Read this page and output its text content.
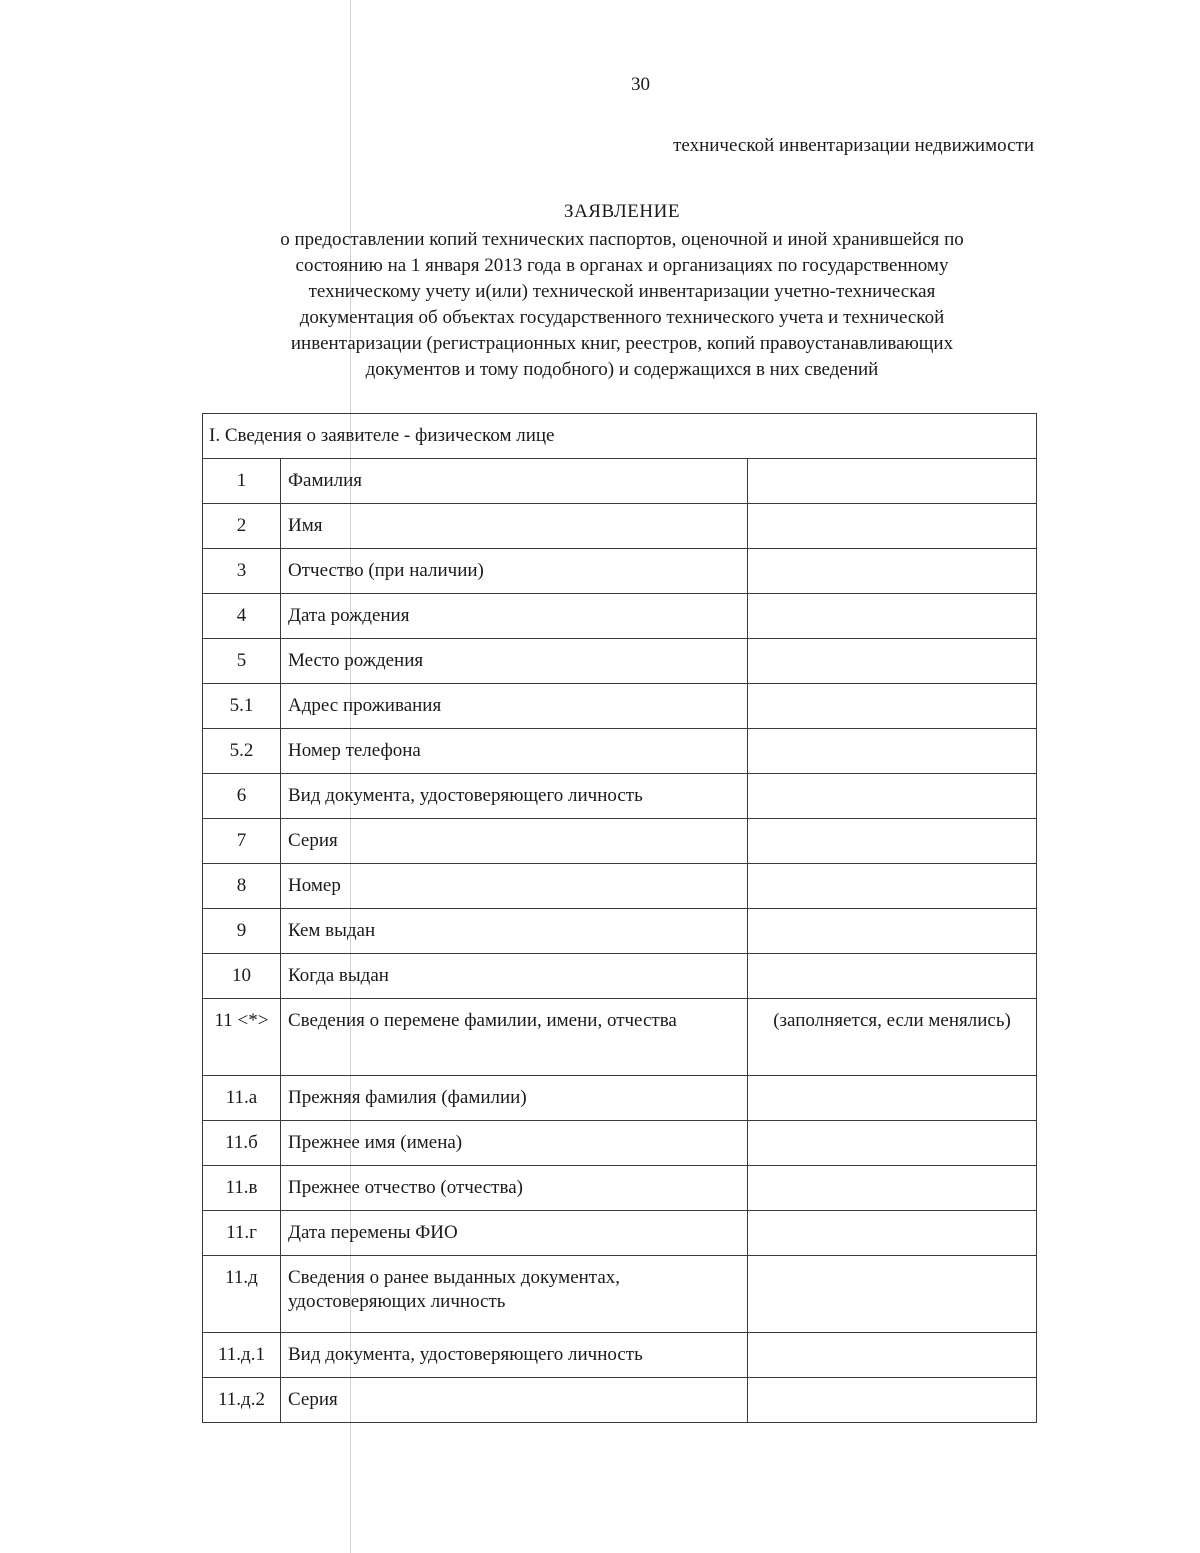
30
технической инвентаризации недвижимости
ЗАЯВЛЕНИЕ
о предоставлении копий технических паспортов, оценочной и иной хранившейся по
состоянию на 1 января 2013 года в органах и организациях по государственному
техническому учету и(или) технической инвентаризации учетно-техническая
документация об объектах государственного технического учета и технической
инвентаризации (регистрационных книг, реестров, копий правоустанавливающих
документов и тому подобного) и содержащихся в них сведений
I. Сведения о заявителе - физическом лице		
1	Фамилия	
2	Имя	
3	Отчество (при наличии)	
4	Дата рождения	
5	Место рождения	
5.1	Адрес проживания	
5.2	Номер телефона	
6	Вид документа, удостоверяющего личность	
7	Серия	
8	Номер	
9	Кем выдан	
10	Когда выдан	
11 <*>	Сведения о перемене фамилии, имени, отчества	(заполняется, если менялись)
11.а	Прежняя фамилия (фамилии)	
11.б	Прежнее имя (имена)	
11.в	Прежнее отчество (отчества)	
11.г	Дата перемены ФИО	
11.д	Сведения о ранее выданных документах, удостоверяющих личность	
11.д.1	Вид документа, удостоверяющего личность	
11.д.2	Серия	
